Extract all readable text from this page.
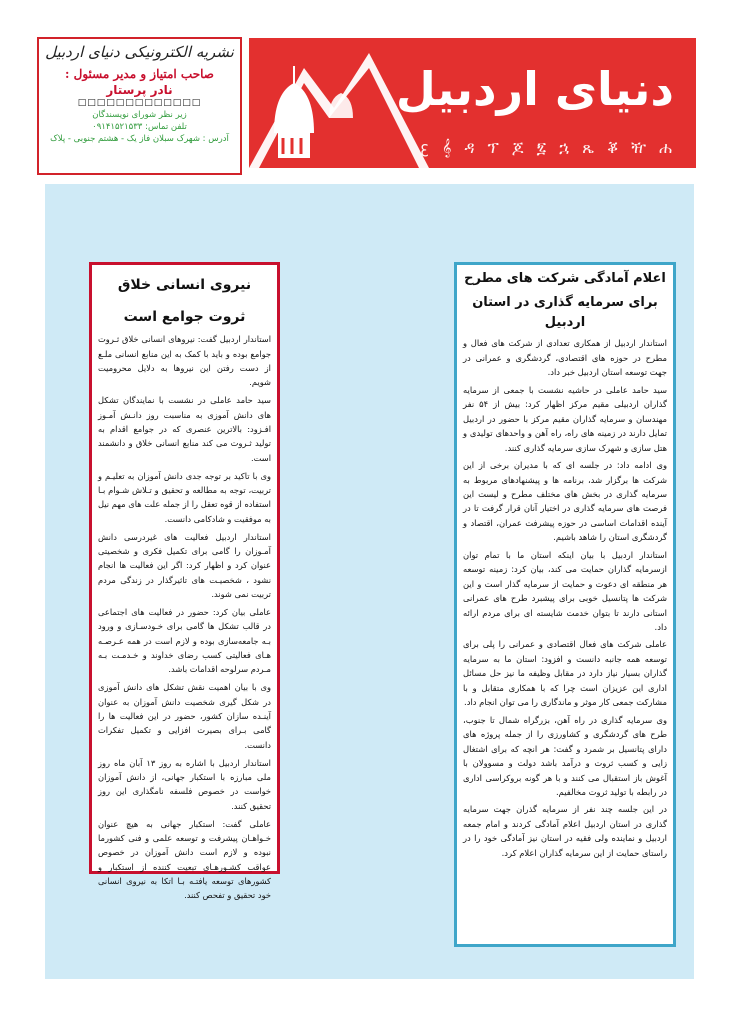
نشریه الکترونیکی دنیای اردبیل
صاحب امتیاز و مدیر مسئول :
نادر پرستار
□□□□□□□□□□□□□
زیر نظر شورای نویسندگان
تلفن تماس: ۰۹۱۴۱۵۲۱۵۳۳
آدرس : شهرک سبلان فاز یک - هشتم جنوبی - پلاک
دنیای اردبیل
ꜫ 𝄞 ዳ ፕ ጆ ፯ ኋ ጼ ቖ ዥ ሐ
اعلام آمادگی شرکت های مطرح
برای سرمایه گذاری در استان اردبیل

استاندار اردبیل از همکاری تعدادی از شرکت های فعال و مطرح در حوزه های اقتصادی، گردشگری و عمرانی در جهت توسعه استان اردبیل خبر داد.

سید حامد عاملی در حاشیه نشست با جمعی از سرمایه گذاران اردبیلی مقیم مرکز اظهار کرد: بیش از ۵۴ نفر مهندسان و سرمایه گذاران مقیم مرکز با حضور در اردبیل تمایل دارند در زمینه های راه، راه آهن و واحدهای تولیدی و هتل سازی و شهرک سازی سرمایه گذاری کنند.

وی ادامه داد: در جلسه ای که با مدیران برخی از این شرکت ها برگزار شد، برنامه ها و پیشنهادهای مربوط به سرمایه گذاری در بخش های مختلف مطرح و لیست این فرصت های سرمایه گذاری در اختیار آنان قرار گرفت تا در آینده اقدامات اساسی در حوزه پیشرفت عمران، اقتصاد و گردشگری استان را شاهد باشیم.

استاندار اردبیل با بیان اینکه استان ما با تمام توان ازسرمایه گذاران حمایت می کند، بیان کرد: زمینه توسعه هر منطقه ای دعوت و حمایت از سرمایه گذار است و این شرکت ها پتانسیل خوبی برای پیشبرد طرح های عمرانی استانی دارند تا بتوان خدمت شایسته ای برای مردم ارائه داد.

عاملی شرکت های فعال اقتصادی و عمرانی را پلی برای توسعه همه جانبه دانست و افزود: استان ما به سرمایه گذاران بسیار نیاز دارد در مقابل وظیفه ما نیز حل مسائل اداری این عزیزان است چرا که با همکاری متقابل و با مشارکت جمعی کار موثر و ماندگاری را می توان انجام داد.

وی سرمایه گذاری در راه آهن، بزرگراه شمال تا جنوب، طرح های گردشگری و کشاورزی را از جمله پروژه های دارای پتانسیل بر شمرد و گفت: هر انچه که برای اشتغال زایی و کسب ثروت و درآمد باشد دولت و مسوولان با آغوش باز استقبال می کنند و با هر گونه بروکراسی اداری در رابطه با تولید ثروت مخالفیم.

در این جلسه چند نفر از سرمایه گذران جهت سرمایه گذاری در استان اردبیل اعلام آمادگی کردند و امام جمعه اردبیل و نماینده ولی فقیه در استان نیز آمادگی خود را در راستای حمایت از این سرمایه گذاران اعلام کرد.

نیروی انسانی خلاق
ثروت جوامع است

استاندار اردبیل گفت: نیروهای انسانی خلاق ثـروت جوامع بوده و باید با کمک به این منابع انسانی ملـع از دست رفتن این نیروها به دلایل محرومیت شویم.

سید حامد عاملی در نشست با نمایندگان تشکل های دانش آموزی به مناسبت روز دانـش آمـوز افـزود: بالاترین عنصری که در جوامع اقدام به تولید ثـروت می کند منابع انسانی خلاق و دانشمند است.

وی با تاکید بر توجه جدی دانش آموزان به تعلیـم و تربیت، توجه به مطالعه و تحقیق و تـلاش شـوام بـا استفاده از قوه تعقل را از جمله علت های مهم نیل به موفقیت و شادکامی دانست.

استاندار اردبیل فعالیت های غیردرسی دانش آمـوزان را گامی برای تکمیل فکری و شخصیتی عنوان کرد و اظهار کرد: اگر این فعالیت ها انجام نشود ، شخصیـت های تاثیرگذار در زندگی مردم تربیت نمی شوند.

عاملی بیان کرد: حضور در فعالیت های اجتماعی در قالب تشکل ها گامی برای خـودسـازی و ورود بـه جامعه‌سازی بوده و لازم است در همه عـرصـه هـای فعالیتی کسب رضای خداوند و خـدمـت بـه مـردم سرلوحه اقدامات باشد.

وی با بیان اهمیت نقش تشکل های دانش آموزی در شکل گیری شخصیت دانش آموزان به عنوان آینـده سازان کشور، حضور در این فعالیت ها را گامی بـرای بصیرت افزایی و تکمیل تفکرات دانست.

استاندار اردبیل با اشاره به روز ۱۳ آبان ماه روز ملی مبارزه با استکبار جهانی، از دانش آموزان خواست در خصوص فلسفه نامگذاری این روز تحقیق کنند.

عاملی گفت: استکبار جهانی به هیچ عنوان خـواهـان پیشرفت و توسعه علمی و فنی کشورما نبوده و لازم است دانش آموزان در خصوص عواقب کشـورهـای تبعیت کننده از استکبار و کشورهای توسعه یافتـه بـا اتکا به نیروی انسانی خود تحقیق و تفحص کنند.
